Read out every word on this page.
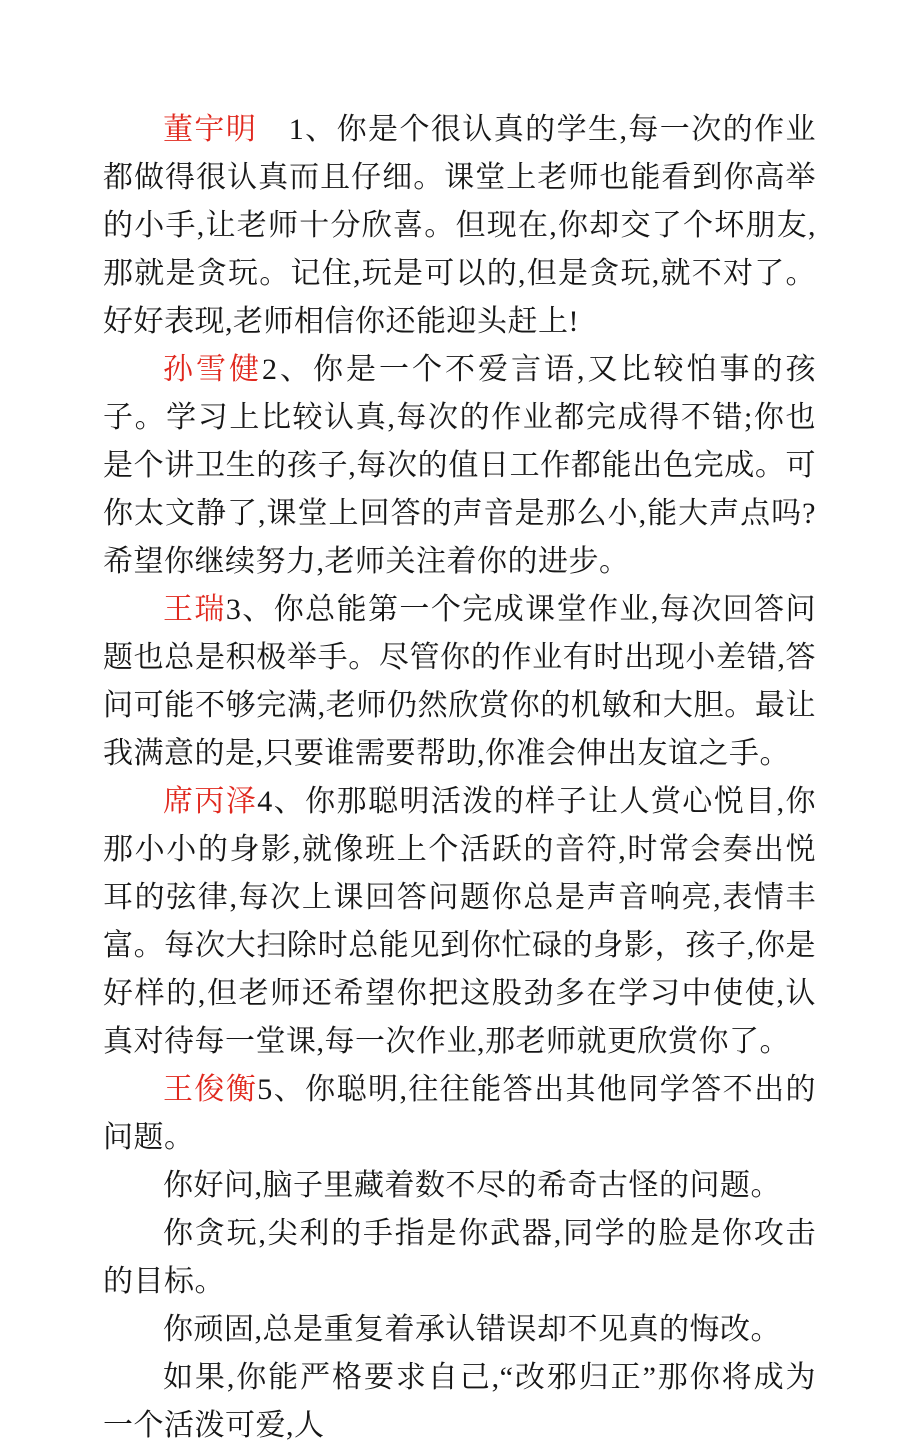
董宇明　 1、你是个很认真的学生,每一次的作业都做得很认真而且仔细。课堂上老师也能看到你高举的小手,让老师十分欣喜。但现在,你却交了个坏朋友,那就是贪玩。记住,玩是可以的,但是贪玩,就不对了。好好表现,老师相信你还能迎头赶上!

孙雪健2、你是一个不爱言语,又比较怕事的孩子。学习上比较认真,每次的作业都完成得不错;你也是个讲卫生的孩子,每次的值日工作都能出色完成。可你太文静了,课堂上回答的声音是那么小,能大声点吗?希望你继续努力,老师关注着你的进步。

王瑞3、你总能第一个完成课堂作业,每次回答问题也总是积极举手。尽管你的作业有时出现小差错,答问可能不够完满,老师仍然欣赏你的机敏和大胆。最让我满意的是,只要谁需要帮助,你准会伸出友谊之手。

席丙泽4、你那聪明活泼的样子让人赏心悦目,你那小小的身影,就像班上个活跃的音符,时常会奏出悦耳的弦律,每次上课回答问题你总是声音响亮,表情丰富。每次大扫除时总能见到你忙碌的身影，孩子,你是好样的,但老师还希望你把这股劲多在学习中使使,认真对待每一堂课,每一次作业,那老师就更欣赏你了。

王俊衡5、你聪明,往往能答出其他同学答不出的问题。

你好问,脑子里藏着数不尽的希奇古怪的问题。

你贪玩,尖利的手指是你武器,同学的脸是你攻击的目标。

你顽固,总是重复着承认错误却不见真的悔改。

如果,你能严格要求自己,“改邪归正”那你将成为一个活泼可爱,人
